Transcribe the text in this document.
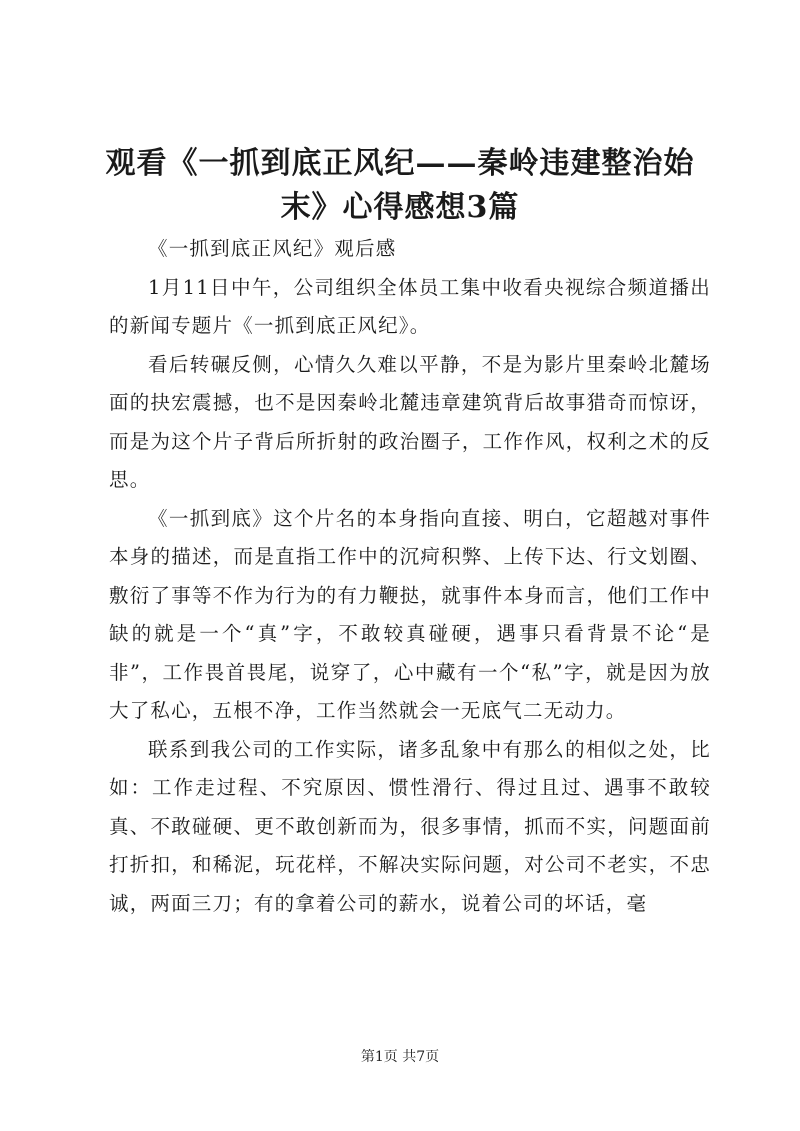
观看《一抓到底正风纪——秦岭违建整治始
末》心得感想3篇

《一抓到底正风纪》观后感

1月11日中午，公司组织全体员工集中收看央视综合频道播出的新闻专题片《一抓到底正风纪》。

看后转碾反侧，心情久久难以平静，不是为影片里秦岭北麓场面的抉宏震撼，也不是因秦岭北麓违章建筑背后故事猎奇而惊讶，而是为这个片子背后所折射的政治圈子，工作作风，权利之术的反思。

《一抓到底》这个片名的本身指向直接、明白，它超越对事件本身的描述，而是直指工作中的沉疴积弊、上传下达、行文划圈、敷衍了事等不作为行为的有力鞭挞，就事件本身而言，他们工作中缺的就是一个“真”字，不敢较真碰硬，遇事只看背景不论“是非”，工作畏首畏尾，说穿了，心中藏有一个“私”字，就是因为放大了私心，五根不净，工作当然就会一无底气二无动力。

联系到我公司的工作实际，诸多乱象中有那么的相似之处，比如：工作走过程、不究原因、惯性滑行、得过且过、遇事不敢较真、不敢碰硬、更不敢创新而为，很多事情，抓而不实，问题面前打折扣，和稀泥，玩花样，不解决实际问题，对公司不老实，不忠诚，两面三刀；有的拿着公司的薪水，说着公司的坏话，毫

第1页 共7页
